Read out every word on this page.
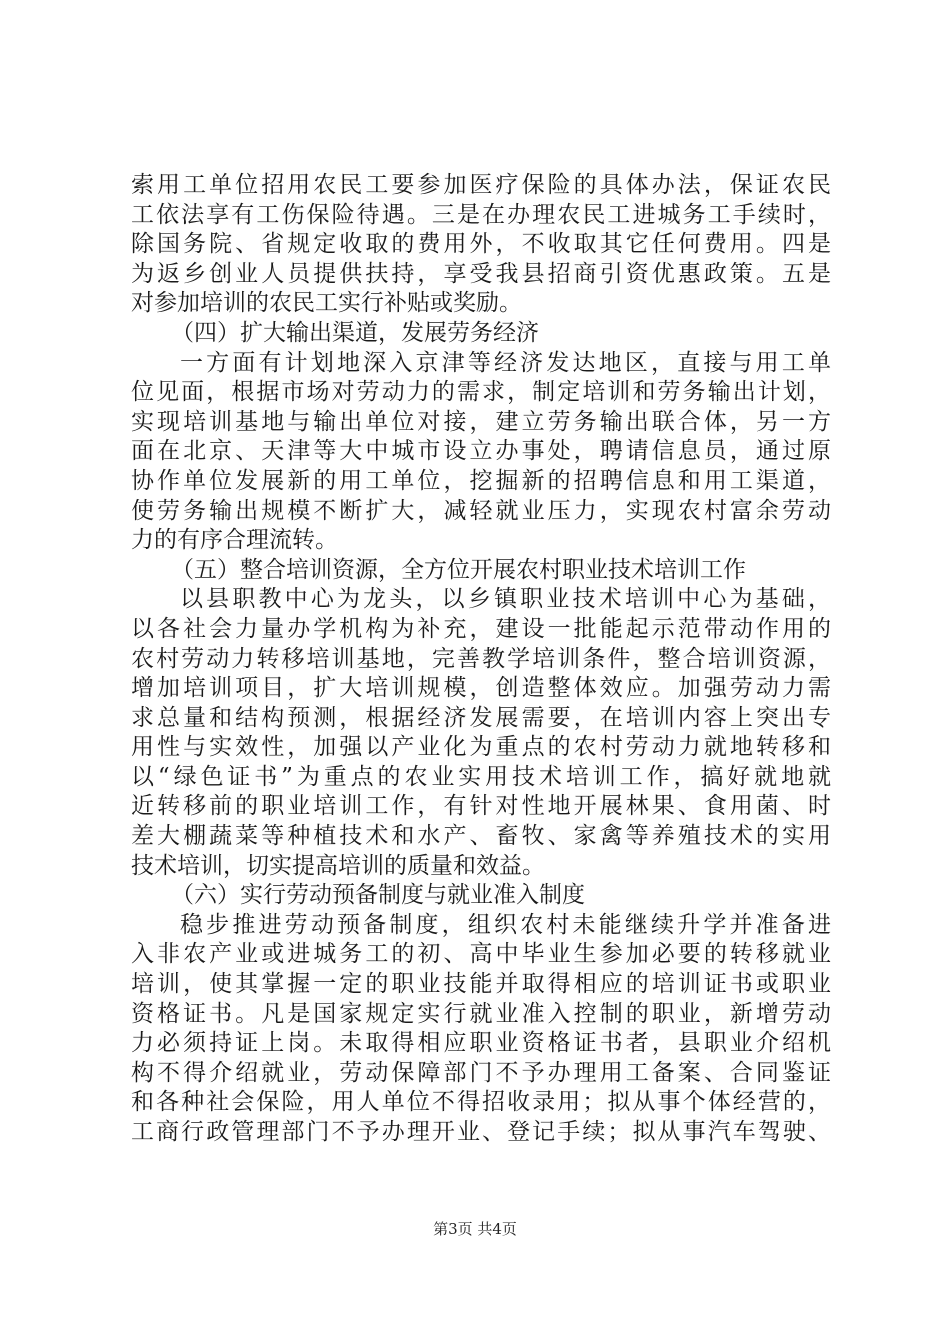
索用工单位招用农民工要参加医疗保险的具体办法，保证农民
工依法享有工伤保险待遇。三是在办理农民工进城务工手续时，
除国务院、省规定收取的费用外，不收取其它任何费用。四是
为返乡创业人员提供扶持，享受我县招商引资优惠政策。五是
对参加培训的农民工实行补贴或奖励。
（四）扩大输出渠道，发展劳务经济
一方面有计划地深入京津等经济发达地区，直接与用工单
位见面，根据市场对劳动力的需求，制定培训和劳务输出计划，
实现培训基地与输出单位对接，建立劳务输出联合体，另一方
面在北京、天津等大中城市设立办事处，聘请信息员，通过原
协作单位发展新的用工单位，挖掘新的招聘信息和用工渠道，
使劳务输出规模不断扩大，减轻就业压力，实现农村富余劳动
力的有序合理流转。
（五）整合培训资源，全方位开展农村职业技术培训工作
以县职教中心为龙头，以乡镇职业技术培训中心为基础，
以各社会力量办学机构为补充，建设一批能起示范带动作用的
农村劳动力转移培训基地，完善教学培训条件，整合培训资源，
增加培训项目，扩大培训规模，创造整体效应。加强劳动力需
求总量和结构预测，根据经济发展需要，在培训内容上突出专
用性与实效性，加强以产业化为重点的农村劳动力就地转移和
以“绿色证书”为重点的农业实用技术培训工作，搞好就地就
近转移前的职业培训工作，有针对性地开展林果、食用菌、时
差大棚蔬菜等种植技术和水产、畜牧、家禽等养殖技术的实用
技术培训，切实提高培训的质量和效益。
（六）实行劳动预备制度与就业准入制度
稳步推进劳动预备制度，组织农村未能继续升学并准备进
入非农产业或进城务工的初、高中毕业生参加必要的转移就业
培训，使其掌握一定的职业技能并取得相应的培训证书或职业
资格证书。凡是国家规定实行就业准入控制的职业，新增劳动
力必须持证上岗。未取得相应职业资格证书者，县职业介绍机
构不得介绍就业，劳动保障部门不予办理用工备案、合同鉴证
和各种社会保险，用人单位不得招收录用；拟从事个体经营的，
工商行政管理部门不予办理开业、登记手续；拟从事汽车驾驶、
第3页 共4页
